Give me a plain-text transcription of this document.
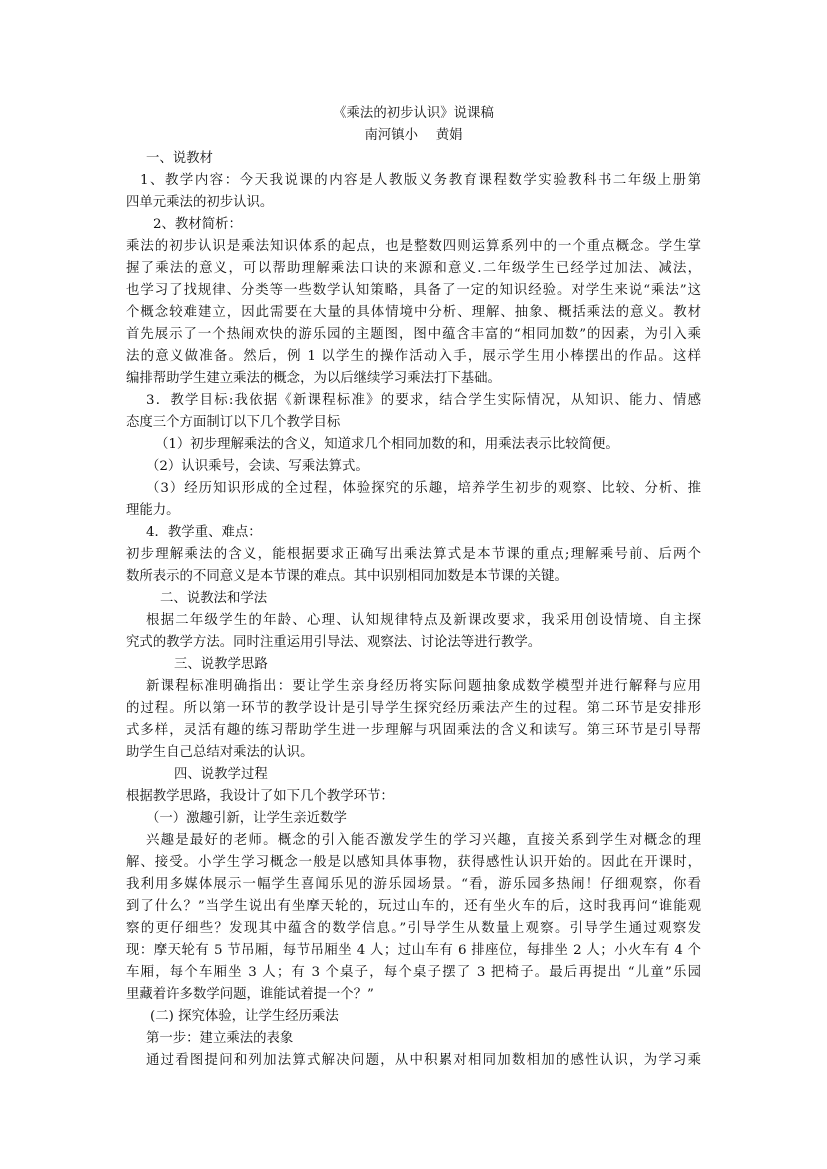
《乘法的初步认识》说课稿
南河镇小　 黄娟
一、说教材
1、教学内容：今天我说课的内容是人教版义务教育课程数学实验教科书二年级上册第
四单元乘法的初步认识。
2、教材简析：
乘法的初步认识是乘法知识体系的起点，也是整数四则运算系列中的一个重点概念。学生掌
握了乘法的意义，可以帮助理解乘法口诀的来源和意义.二年级学生已经学过加法、减法，
也学习了找规律、分类等一些数学认知策略，具备了一定的知识经验。对学生来说“乘法”这
个概念较难建立，因此需要在大量的具体情境中分析、理解、抽象、概括乘法的意义。教材
首先展示了一个热闹欢快的游乐园的主题图，图中蕴含丰富的“相同加数”的因素，为引入乘
法的意义做准备。然后，例 1 以学生的操作活动入手，展示学生用小棒摆出的作品。这样
编排帮助学生建立乘法的概念，为以后继续学习乘法打下基础。
3．教学目标:我依据《新课程标准》的要求，结合学生实际情况，从知识、能力、情感
态度三个方面制订以下几个教学目标
（1）初步理解乘法的含义，知道求几个相同加数的和，用乘法表示比较简便。
（2）认识乘号，会读、写乘法算式。
（3）经历知识形成的全过程，体验探究的乐趣，培养学生初步的观察、比较、分析、推
理能力。
4．教学重、难点：
初步理解乘法的含义，能根据要求正确写出乘法算式是本节课的重点;理解乘号前、后两个
数所表示的不同意义是本节课的难点。其中识别相同加数是本节课的关键。
二、说教法和学法
根据二年级学生的年龄、心理、认知规律特点及新课改要求，我采用创设情境、自主探
究式的教学方法。同时注重运用引导法、观察法、讨论法等进行教学。
三、说教学思路
新课程标准明确指出：要让学生亲身经历将实际问题抽象成数学模型并进行解释与应用
的过程。所以第一环节的教学设计是引导学生探究经历乘法产生的过程。第二环节是安排形
式多样，灵活有趣的练习帮助学生进一步理解与巩固乘法的含义和读写。第三环节是引导帮
助学生自己总结对乘法的认识。
四、说教学过程
根据教学思路，我设计了如下几个教学环节：
（一）激趣引新，让学生亲近数学
兴趣是最好的老师。概念的引入能否激发学生的学习兴趣，直接关系到学生对概念的理
解、接受。小学生学习概念一般是以感知具体事物，获得感性认识开始的。因此在开课时，
我利用多媒体展示一幅学生喜闻乐见的游乐园场景。“看，游乐园多热闹！仔细观察，你看
到了什么？”当学生说出有坐摩天轮的，玩过山车的，还有坐火车的后，这时我再问“谁能观
察的更仔细些？发现其中蕴含的数学信息。”引导学生从数量上观察。引导学生通过观察发
现：摩天轮有 5 节吊厢，每节吊厢坐 4 人；过山车有 6 排座位，每排坐 2 人；小火车有 4 个
车厢，每个车厢坐 3 人；有 3 个桌子，每个桌子摆了 3 把椅子。最后再提出 “儿童”乐园
里藏着许多数学问题，谁能试着提一个？”
(二) 探究体验，让学生经历乘法
第一步：建立乘法的表象
通过看图提问和列加法算式解决问题，从中积累对相同加数相加的感性认识，为学习乘
